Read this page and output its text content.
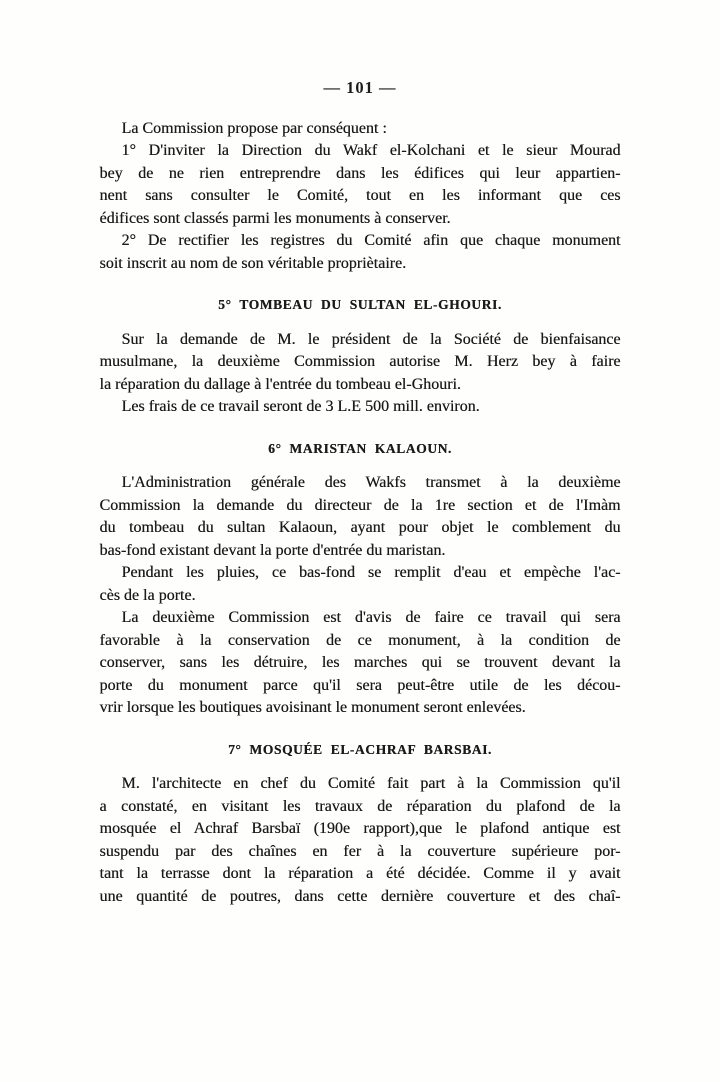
— 101 —
La Commission propose par conséquent :
1° D'inviter la Direction du Wakf el-Kolchani et le sieur Mourad
bey de ne rien entreprendre dans les édifices qui leur appartien-
nent sans consulter le Comité, tout en les informant que ces
édifices sont classés parmi les monuments à conserver.
2° De rectifier les registres du Comité afin que chaque monument
soit inscrit au nom de son véritable propriètaire.
5° TOMBEAU DU SULTAN EL-GHOURI.
Sur la demande de M. le président de la Société de bienfaisance
musulmane, la deuxième Commission autorise M. Herz bey à faire
la réparation du dallage à l'entrée du tombeau el-Ghouri.
Les frais de ce travail seront de 3 L.E 500 mill. environ.
6° MARISTAN KALAOUN.
L'Administration générale des Wakfs transmet à la deuxième
Commission la demande du directeur de la 1re section et de l'Imàm
du tombeau du sultan Kalaoun, ayant pour objet le comblement du
bas-fond existant devant la porte d'entrée du maristan.
Pendant les pluies, ce bas-fond se remplit d'eau et empèche l'ac-
cès de la porte.
La deuxième Commission est d'avis de faire ce travail qui sera
favorable à la conservation de ce monument, à la condition de
conserver, sans les détruire, les marches qui se trouvent devant la
porte du monument parce qu'il sera peut-être utile de les décou-
vrir lorsque les boutiques avoisinant le monument seront enlevées.
7° MOSQUÉE EL-ACHRAF BARSBAI.
M. l'architecte en chef du Comité fait part à la Commission qu'il
a constaté, en visitant les travaux de réparation du plafond de la
mosquée el Achraf Barsbaï (190e rapport),que le plafond antique est
suspendu par des chaînes en fer à la couverture supérieure por-
tant la terrasse dont la réparation a été décidée. Comme il y avait
une quantité de poutres, dans cette dernière couverture et des chaî-
